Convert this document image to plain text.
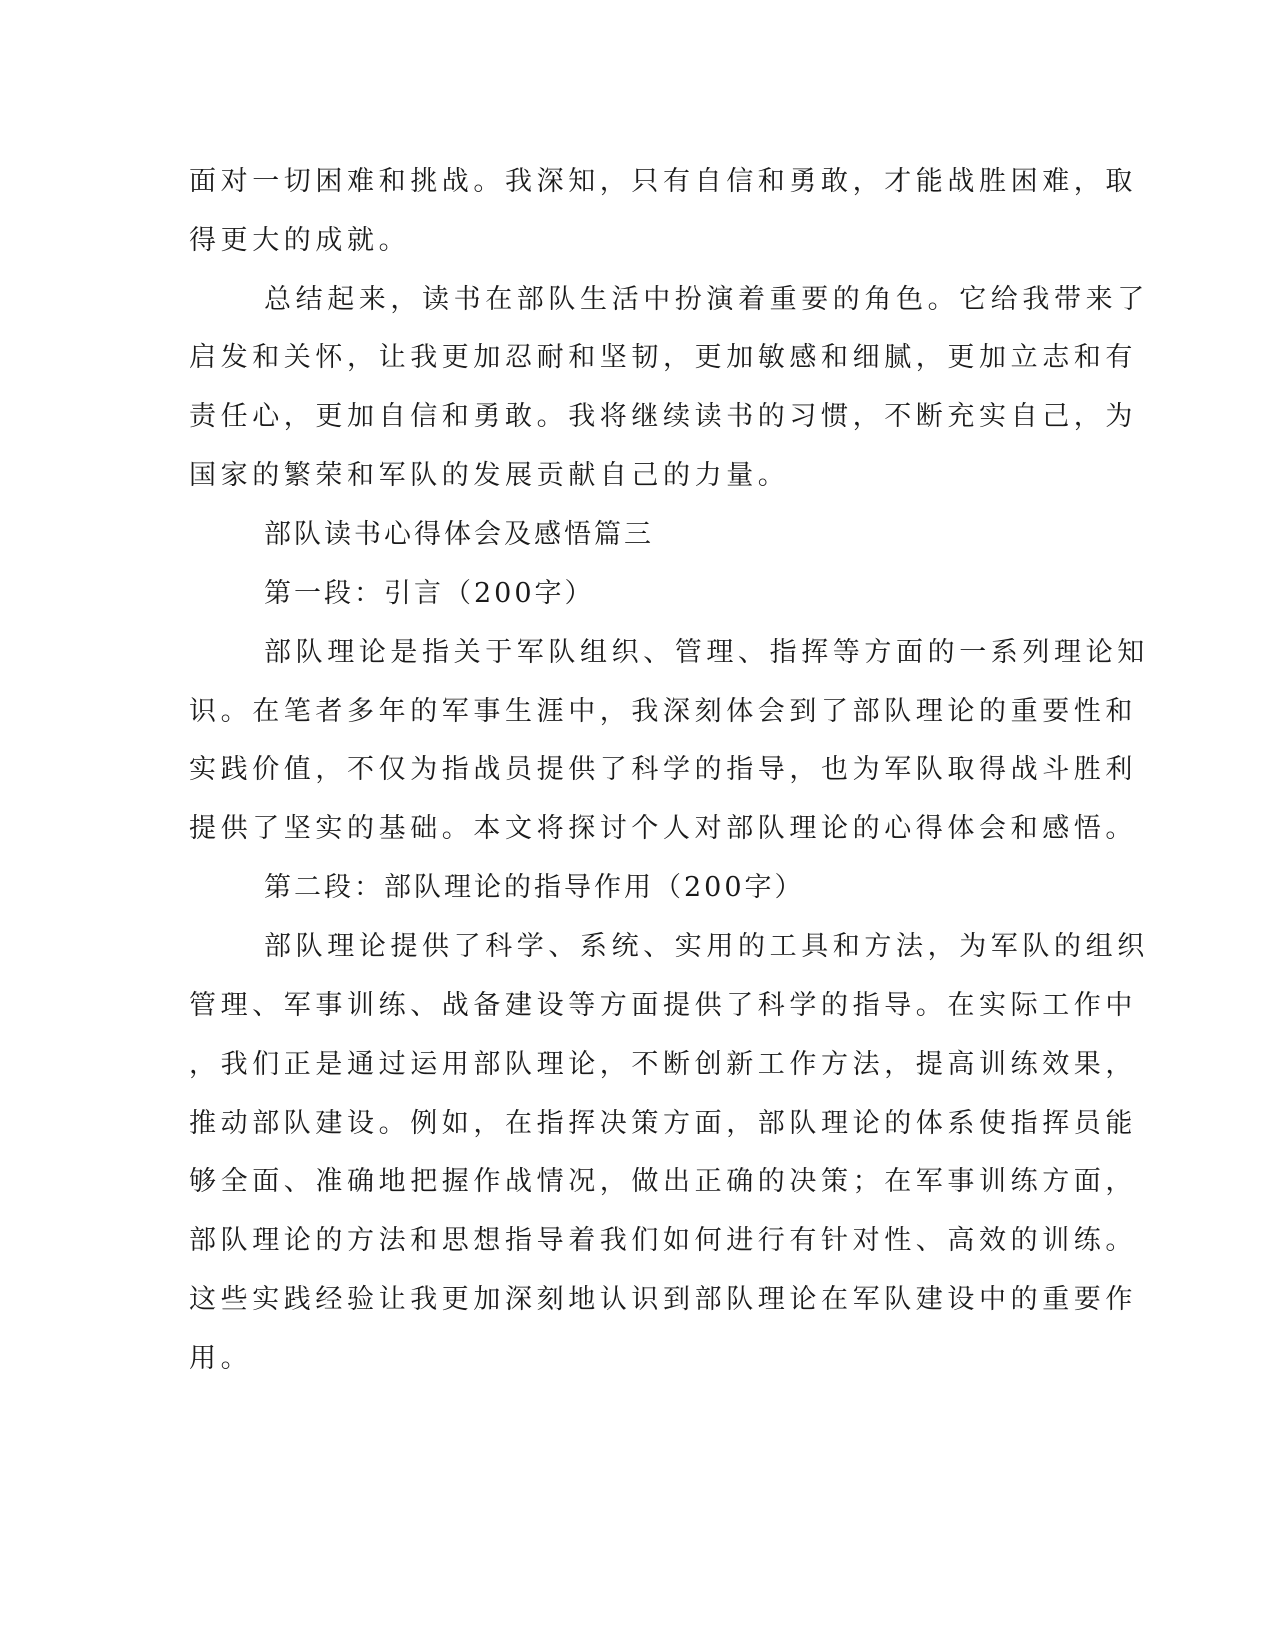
面对一切困难和挑战。我深知，只有自信和勇敢，才能战胜困难，取
得更大的成就。
总结起来，读书在部队生活中扮演着重要的角色。它给我带来了
启发和关怀，让我更加忍耐和坚韧，更加敏感和细腻，更加立志和有
责任心，更加自信和勇敢。我将继续读书的习惯，不断充实自己，为
国家的繁荣和军队的发展贡献自己的力量。
部队读书心得体会及感悟篇三
第一段：引言（200字）
部队理论是指关于军队组织、管理、指挥等方面的一系列理论知
识。在笔者多年的军事生涯中，我深刻体会到了部队理论的重要性和
实践价值，不仅为指战员提供了科学的指导，也为军队取得战斗胜利
提供了坚实的基础。本文将探讨个人对部队理论的心得体会和感悟。
第二段：部队理论的指导作用（200字）
部队理论提供了科学、系统、实用的工具和方法，为军队的组织
管理、军事训练、战备建设等方面提供了科学的指导。在实际工作中
，我们正是通过运用部队理论，不断创新工作方法，提高训练效果，
推动部队建设。例如，在指挥决策方面，部队理论的体系使指挥员能
够全面、准确地把握作战情况，做出正确的决策；在军事训练方面，
部队理论的方法和思想指导着我们如何进行有针对性、高效的训练。
这些实践经验让我更加深刻地认识到部队理论在军队建设中的重要作
用。
